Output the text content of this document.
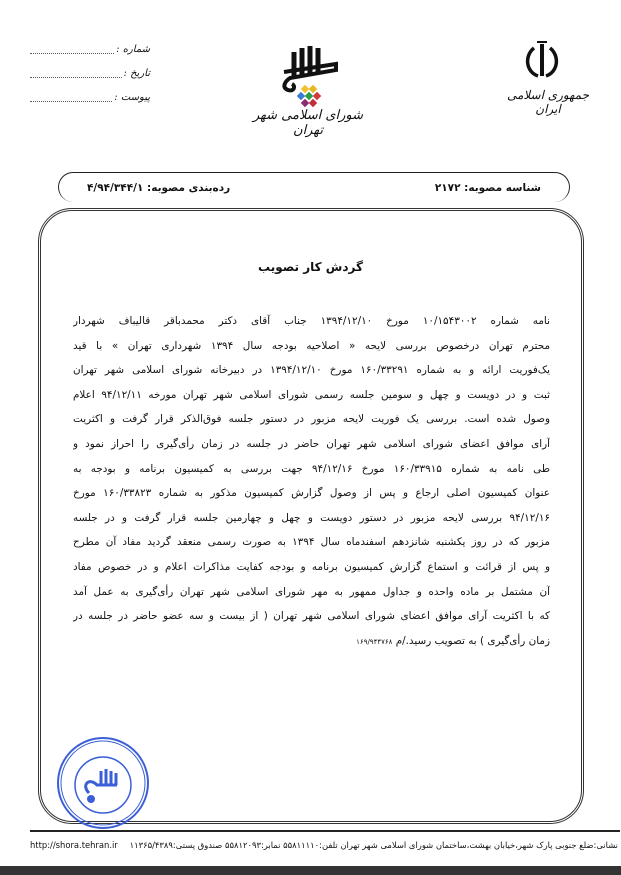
جمهوری اسلامی ایران
شورای اسلامی شهر تهران
شماره :
تاریخ :
پیوست :
شناسه مصوبه: ۲۱۷۲
رده‌بندی مصوبه: ۴/۹۴/۳۴۴/۱
گردش کار تصویب
نامه شماره ۱۰/۱۵۴۳۰۰۲ مورخ ۱۳۹۴/۱۲/۱۰ جناب آقای دکتر محمدباقر قالیباف شهردار
محترم تهران درخصوص بررسی لایحه « اصلاحیه بودجه سال ۱۳۹۴ شهرداری تهران » با قید
یک‌فوریت ارائه و به شماره ۱۶۰/۳۳۲۹۱ مورخ ۱۳۹۴/۱۲/۱۰ در دبیرخانه شورای اسلامی شهر تهران
ثبت و در دویست و چهل و سومین جلسه رسمی شورای اسلامی شهر تهران مورخه ۹۴/۱۲/۱۱ اعلام
وصول شده است. بررسی یک فوریت لایحه مزبور در دستور جلسه فوق‌الذکر قرار گرفت و اکثریت
آرای موافق اعضای شورای اسلامی شهر تهران حاضر در جلسه در زمان رأی‌گیری را احراز نمود و
طی نامه به شماره ۱۶۰/۳۳۹۱۵ مورخ ۹۴/۱۲/۱۶ جهت بررسی به کمیسیون برنامه و بودجه به
عنوان کمیسیون اصلی ارجاع و پس از وصول گزارش کمیسیون مذکور به شماره ۱۶۰/۳۳۸۲۳ مورخ
۹۴/۱۲/۱۶ بررسی لایحه مزبور در دستور دویست و چهل و چهارمین جلسه قرار گرفت و در جلسه
مزبور که در روز یکشنبه شانزدهم اسفندماه سال ۱۳۹۴ به صورت رسمی منعقد گردید مفاد آن مطرح
و پس از قرائت و استماع گزارش کمیسیون برنامه و بودجه کفایت مذاکرات اعلام و در خصوص مفاد
آن مشتمل بر ماده واحده و جداول ممهور به مهر شورای اسلامی شهر تهران رأی‌گیری به عمل آمد
که با اکثریت آرای موافق اعضای شورای اسلامی شهر تهران ( از بیست و سه عضو حاضر در جلسه در
زمان رأی‌گیری ) به تصویب رسید./م ۱۶۹/۹۴۴۷۶۸
http://shora.tehran.ir نشانی:ضلع جنوبی پارک شهر،خیابان بهشت،ساختمان شورای اسلامی شهر تهران تلفن:۵۵۸۱۱۱۱۰ نمابر:۵۵۸۱۲۰۹۳ صندوق پستی:۱۱۳۶۵/۴۳۸۹
